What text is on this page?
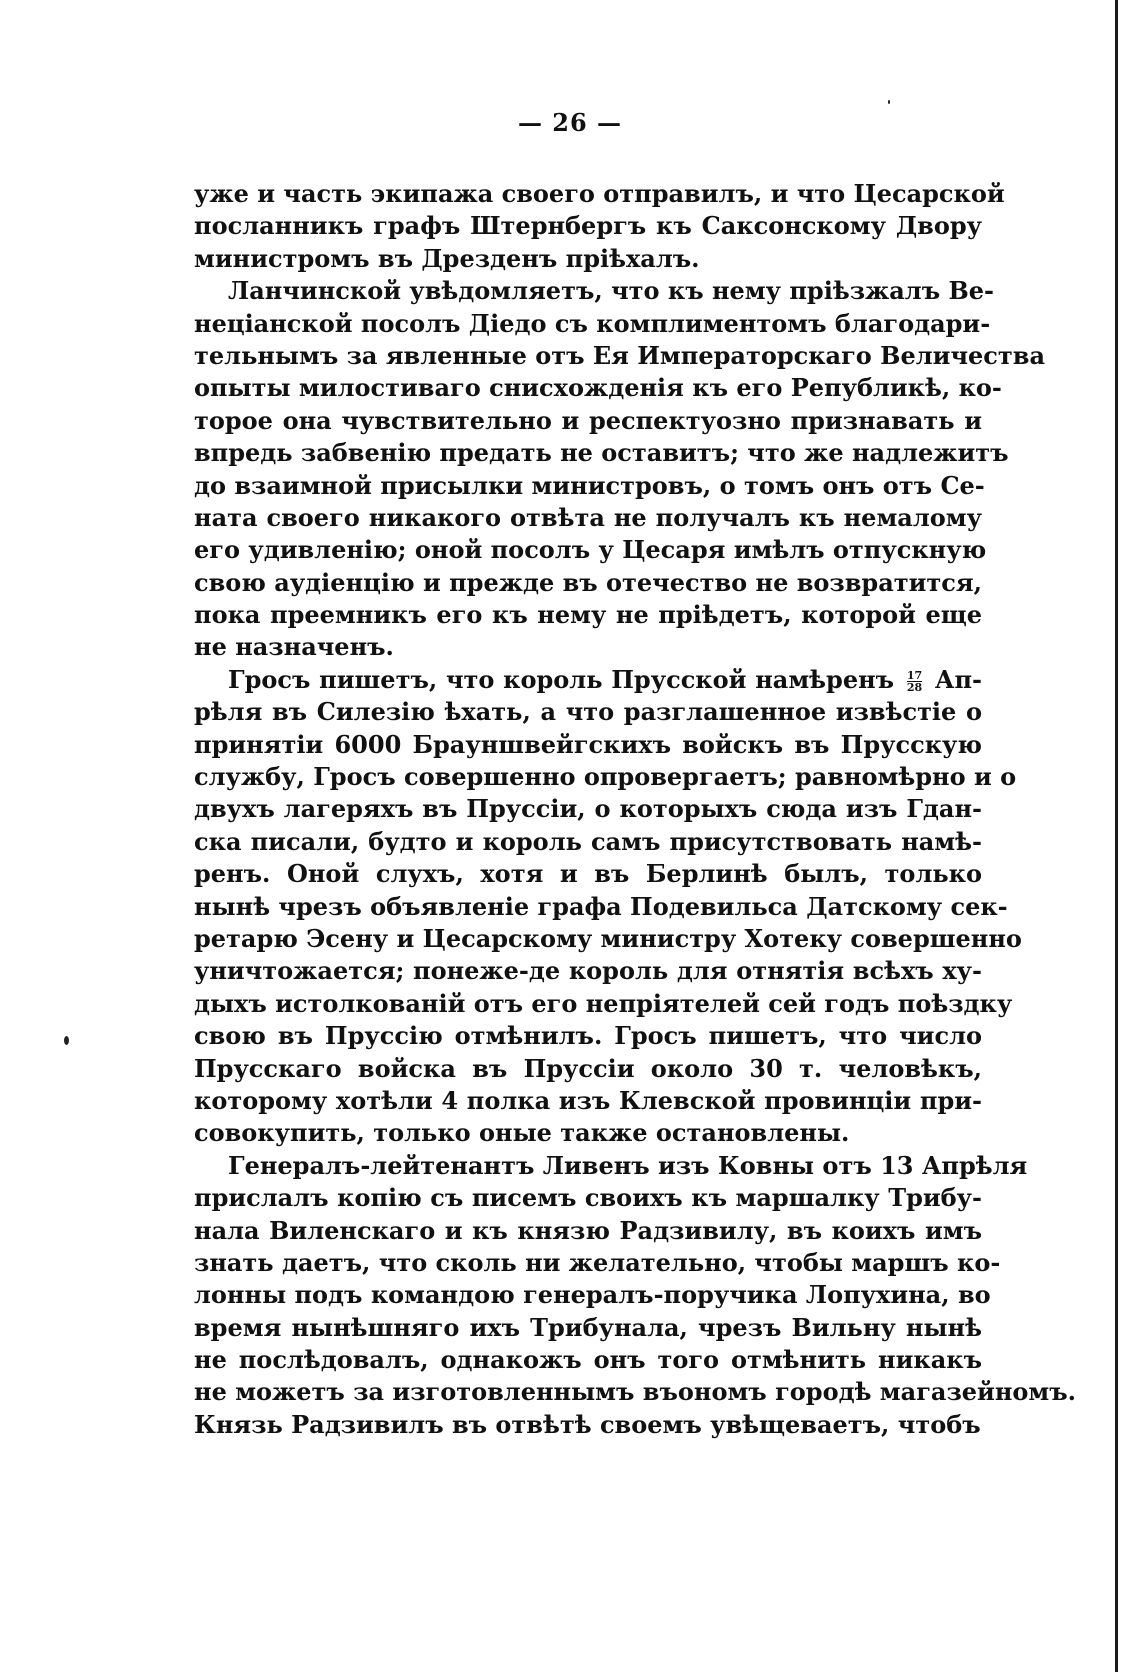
— 26 —
уже и часть экипажа своего отправилъ, и что Цесарской
посланникъ графъ Штернбергъ къ Саксонскому Двору
министромъ въ Дрезденъ пріѣхалъ.
Ланчинской увѣдомляетъ, что къ нему пріѣзжалъ Ве-
неціанской посолъ Діедо съ комплиментомъ благодари-
тельнымъ за явленные отъ Ея Императорскаго Величества
опыты милостиваго снисхожденія къ его Републикѣ, ко-
торое она чувствительно и респектуозно признавать и
впредь забвенію предать не оставитъ; что же надлежитъ
до взаимной присылки министровъ, о томъ онъ отъ Се-
ната своего никакого отвѣта не получалъ къ немалому
его удивленію; оной посолъ у Цесаря имѣлъ отпускную
свою аудіенцію и прежде въ отечество не возвратится,
пока преемникъ его къ нему не пріѣдетъ, которой еще
не назначенъ.
Гросъ пишетъ, что король Прусской намѣренъ $\frac{17}{28} Ап-$
рѣля въ Силезію ѣхать, а что разглашенное извѣстіе о
принятіи 6000 Брауншвейгскихъ войскъ въ Прусскую
службу, Гросъ совершенно опровергаетъ; равномѣрно и о
двухъ лагеряхъ въ Пруссіи, о которыхъ сюда изъ Гдан-
ска писали, будто и король самъ присутствовать намѣ-
ренъ. Оной слухъ, хотя и въ Берлинѣ былъ, только
нынѣ чрезъ объявленіе графа Подевильса Датскому сек-
ретарю Эсену и Цесарскому министру Хотеку совершенно
уничтожается; понеже-де король для отнятія всѣхъ ху-
дыхъ истолкованій отъ его непріятелей сей годъ поѣздку
свою въ Пруссію отмѣнилъ. Гросъ пишетъ, что число
Прусскаго войска въ Пруссіи около 30 т. человѣкъ,
которому хотѣли 4 полка изъ Клевской провинціи при-
совокупить, только оные также остановлены.
Генералъ-лейтенантъ Ливенъ изъ Ковны отъ 13 Апрѣля
прислалъ копію съ писемъ своихъ къ маршалку Трибу-
нала Виленскаго и къ князю Радзивилу, въ коихъ имъ
знать даетъ, что сколь ни желательно, чтобы маршъ ко-
лонны подъ командою генералъ-поручика Лопухина, во
время нынѣшняго ихъ Трибунала, чрезъ Вильну нынѣ
не послѣдовалъ, однакожъ онъ того отмѣнить никакъ
не можетъ за изготовленнымъ въономъ городѣ магазейномъ.
Князь Радзивилъ въ отвѣтѣ своемъ увѣщеваетъ, чтобъ
